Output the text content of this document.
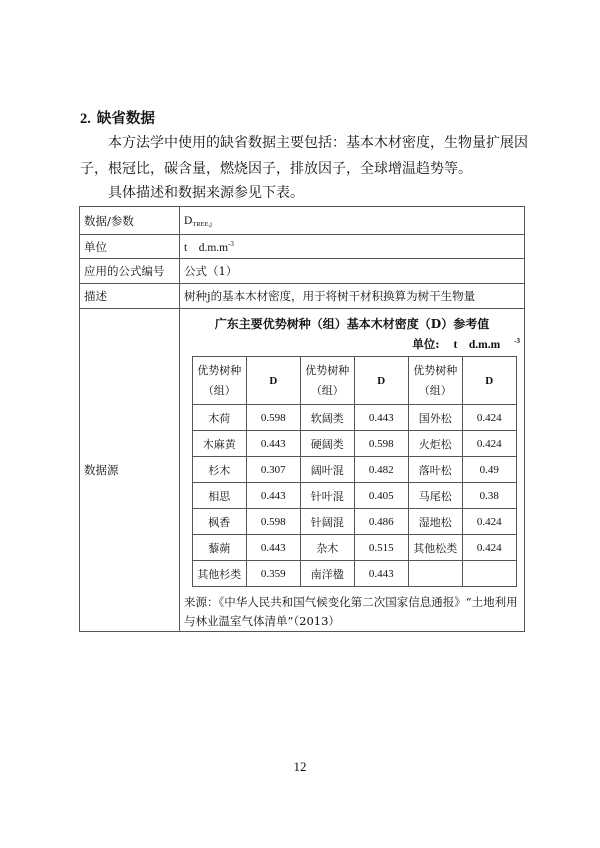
2. 缺省数据

本方法学中使用的缺省数据主要包括：基本木材密度，生物量扩展因子，根冠比，碳含量，燃烧因子，排放因子，全球增温趋势等。

具体描述和数据来源参见下表。

数据/参数	DTREE,j
单位	t　$d.m.m^{-3}$
应用的公式编号	公式（1）
描述	树种j的基本木材密度，用于将树干材积换算为树干生物量
数据源	
广东主要优势树种（组）基本木材密度（D）参考值
单位: t　d.m.m $^{-3}$
优势树种（组）	D	优势树种（组）	D	优势树种（组）	D
木荷	0.598	软阔类	0.443	国外松	0.424
木麻黄	0.443	硬阔类	0.598	火炬松	0.424
杉木	0.307	阔叶混	0.482	落叶松	0.49
相思	0.443	针叶混	0.405	马尾松	0.38
枫香	0.598	针阔混	0.486	湿地松	0.424
藜蒴	0.443	杂木	0.515	其他松类	0.424
其他杉类	0.359	南洋楹	0.443		
来源：《中华人民共和国气候变化第二次国家信息通报》“土地利用与林业温室气体清单”（2013）
12
